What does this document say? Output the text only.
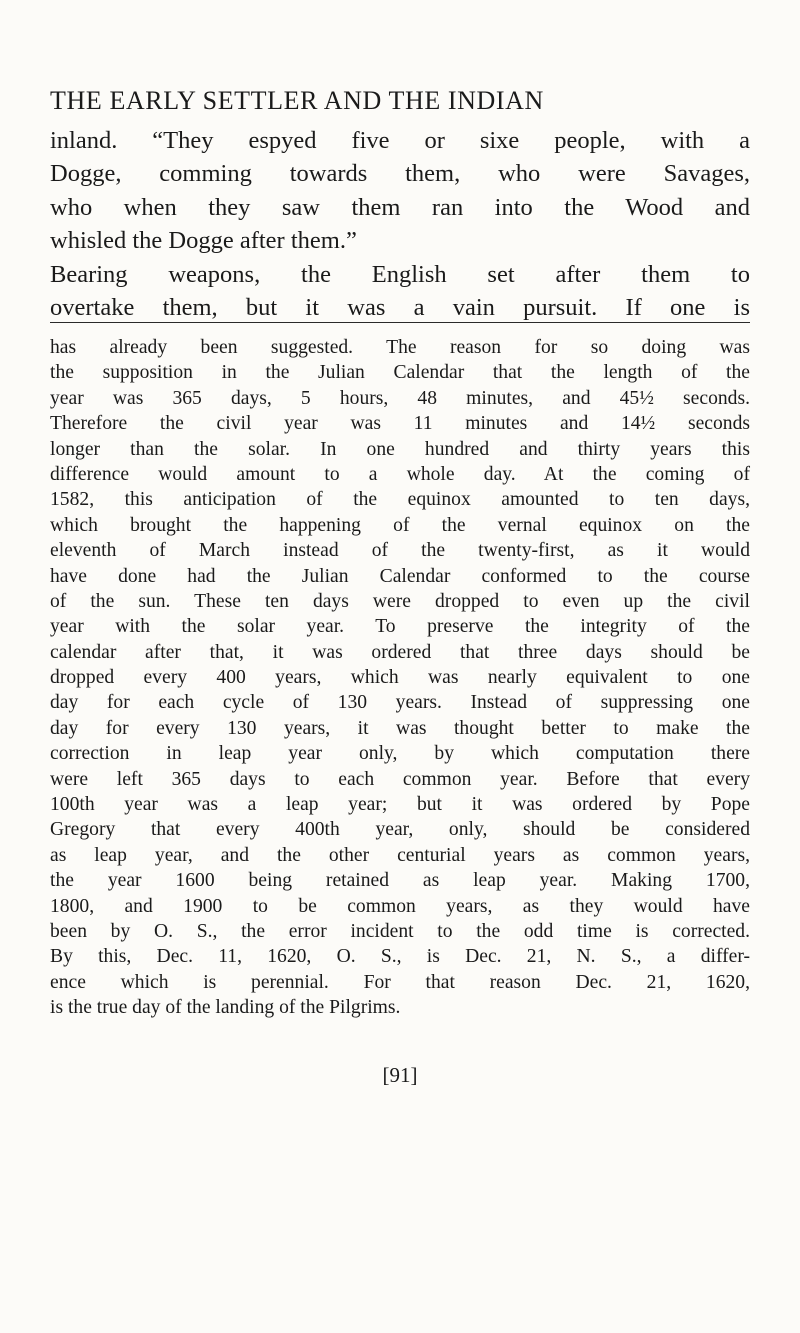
THE EARLY SETTLER AND THE INDIAN
inland. “They espyed five or sixe people, with a
Dogge, comming towards them, who were Savages,
who when they saw them ran into the Wood and
whisled the Dogge after them.”
Bearing weapons, the English set after them to
overtake them, but it was a vain pursuit. If one is
has already been suggested. The reason for so doing was
the supposition in the Julian Calendar that the length of the
year was 365 days, 5 hours, 48 minutes, and 45½ seconds.
Therefore the civil year was 11 minutes and 14½ seconds
longer than the solar. In one hundred and thirty years this
difference would amount to a whole day. At the coming of
1582, this anticipation of the equinox amounted to ten days,
which brought the happening of the vernal equinox on the
eleventh of March instead of the twenty-first, as it would
have done had the Julian Calendar conformed to the course
of the sun. These ten days were dropped to even up the civil
year with the solar year. To preserve the integrity of the
calendar after that, it was ordered that three days should be
dropped every 400 years, which was nearly equivalent to one
day for each cycle of 130 years. Instead of suppressing one
day for every 130 years, it was thought better to make the
correction in leap year only, by which computation there
were left 365 days to each common year. Before that every
100th year was a leap year; but it was ordered by Pope
Gregory that every 400th year, only, should be considered
as leap year, and the other centurial years as common years,
the year 1600 being retained as leap year. Making 1700,
1800, and 1900 to be common years, as they would have
been by O. S., the error incident to the odd time is corrected.
By this, Dec. 11, 1620, O. S., is Dec. 21, N. S., a differ-
ence which is perennial. For that reason Dec. 21, 1620,
is the true day of the landing of the Pilgrims.
[91]
